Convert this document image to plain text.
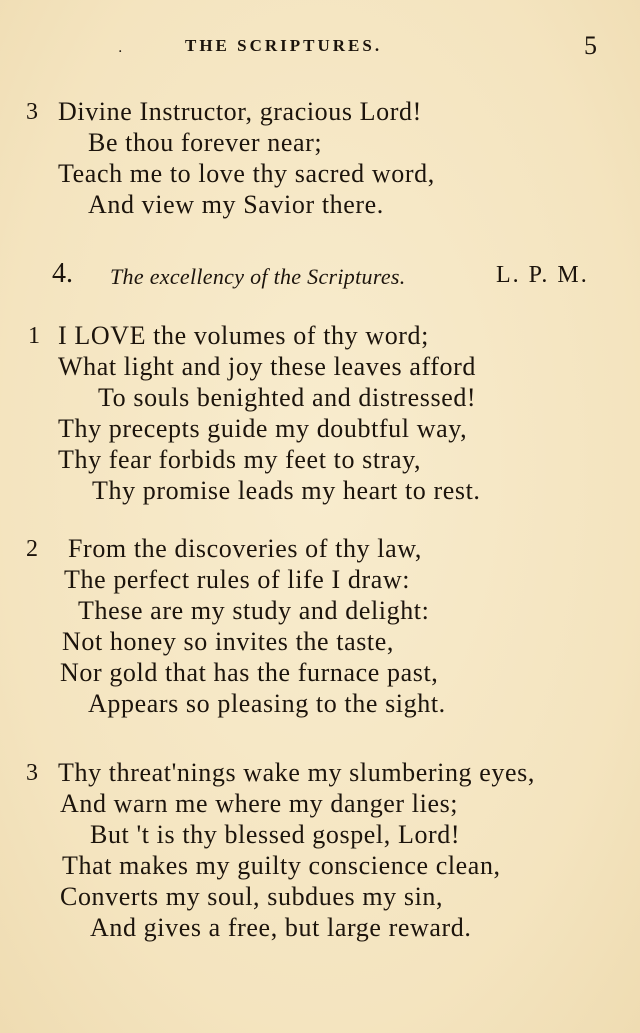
.	THE SCRIPTURES.	5
3 Divine Instructor, gracious Lord!
Be thou forever near;
Teach me to love thy sacred word,
And view my Savior there.
4. The excellency of the Scriptures.	L. P. M.
1 I LOVE the volumes of thy word;
What light and joy these leaves afford
To souls benighted and distressed!
Thy precepts guide my doubtful way,
Thy fear forbids my feet to stray,
Thy promise leads my heart to rest.
2 From the discoveries of thy law,
The perfect rules of life I draw:
These are my study and delight:
Not honey so invites the taste,
Nor gold that has the furnace past,
Appears so pleasing to the sight.
3 Thy threat'nings wake my slumbering eyes,
And warn me where my danger lies;
But 't is thy blessed gospel, Lord!
That makes my guilty conscience clean,
Converts my soul, subdues my sin,
And gives a free, but large reward.
